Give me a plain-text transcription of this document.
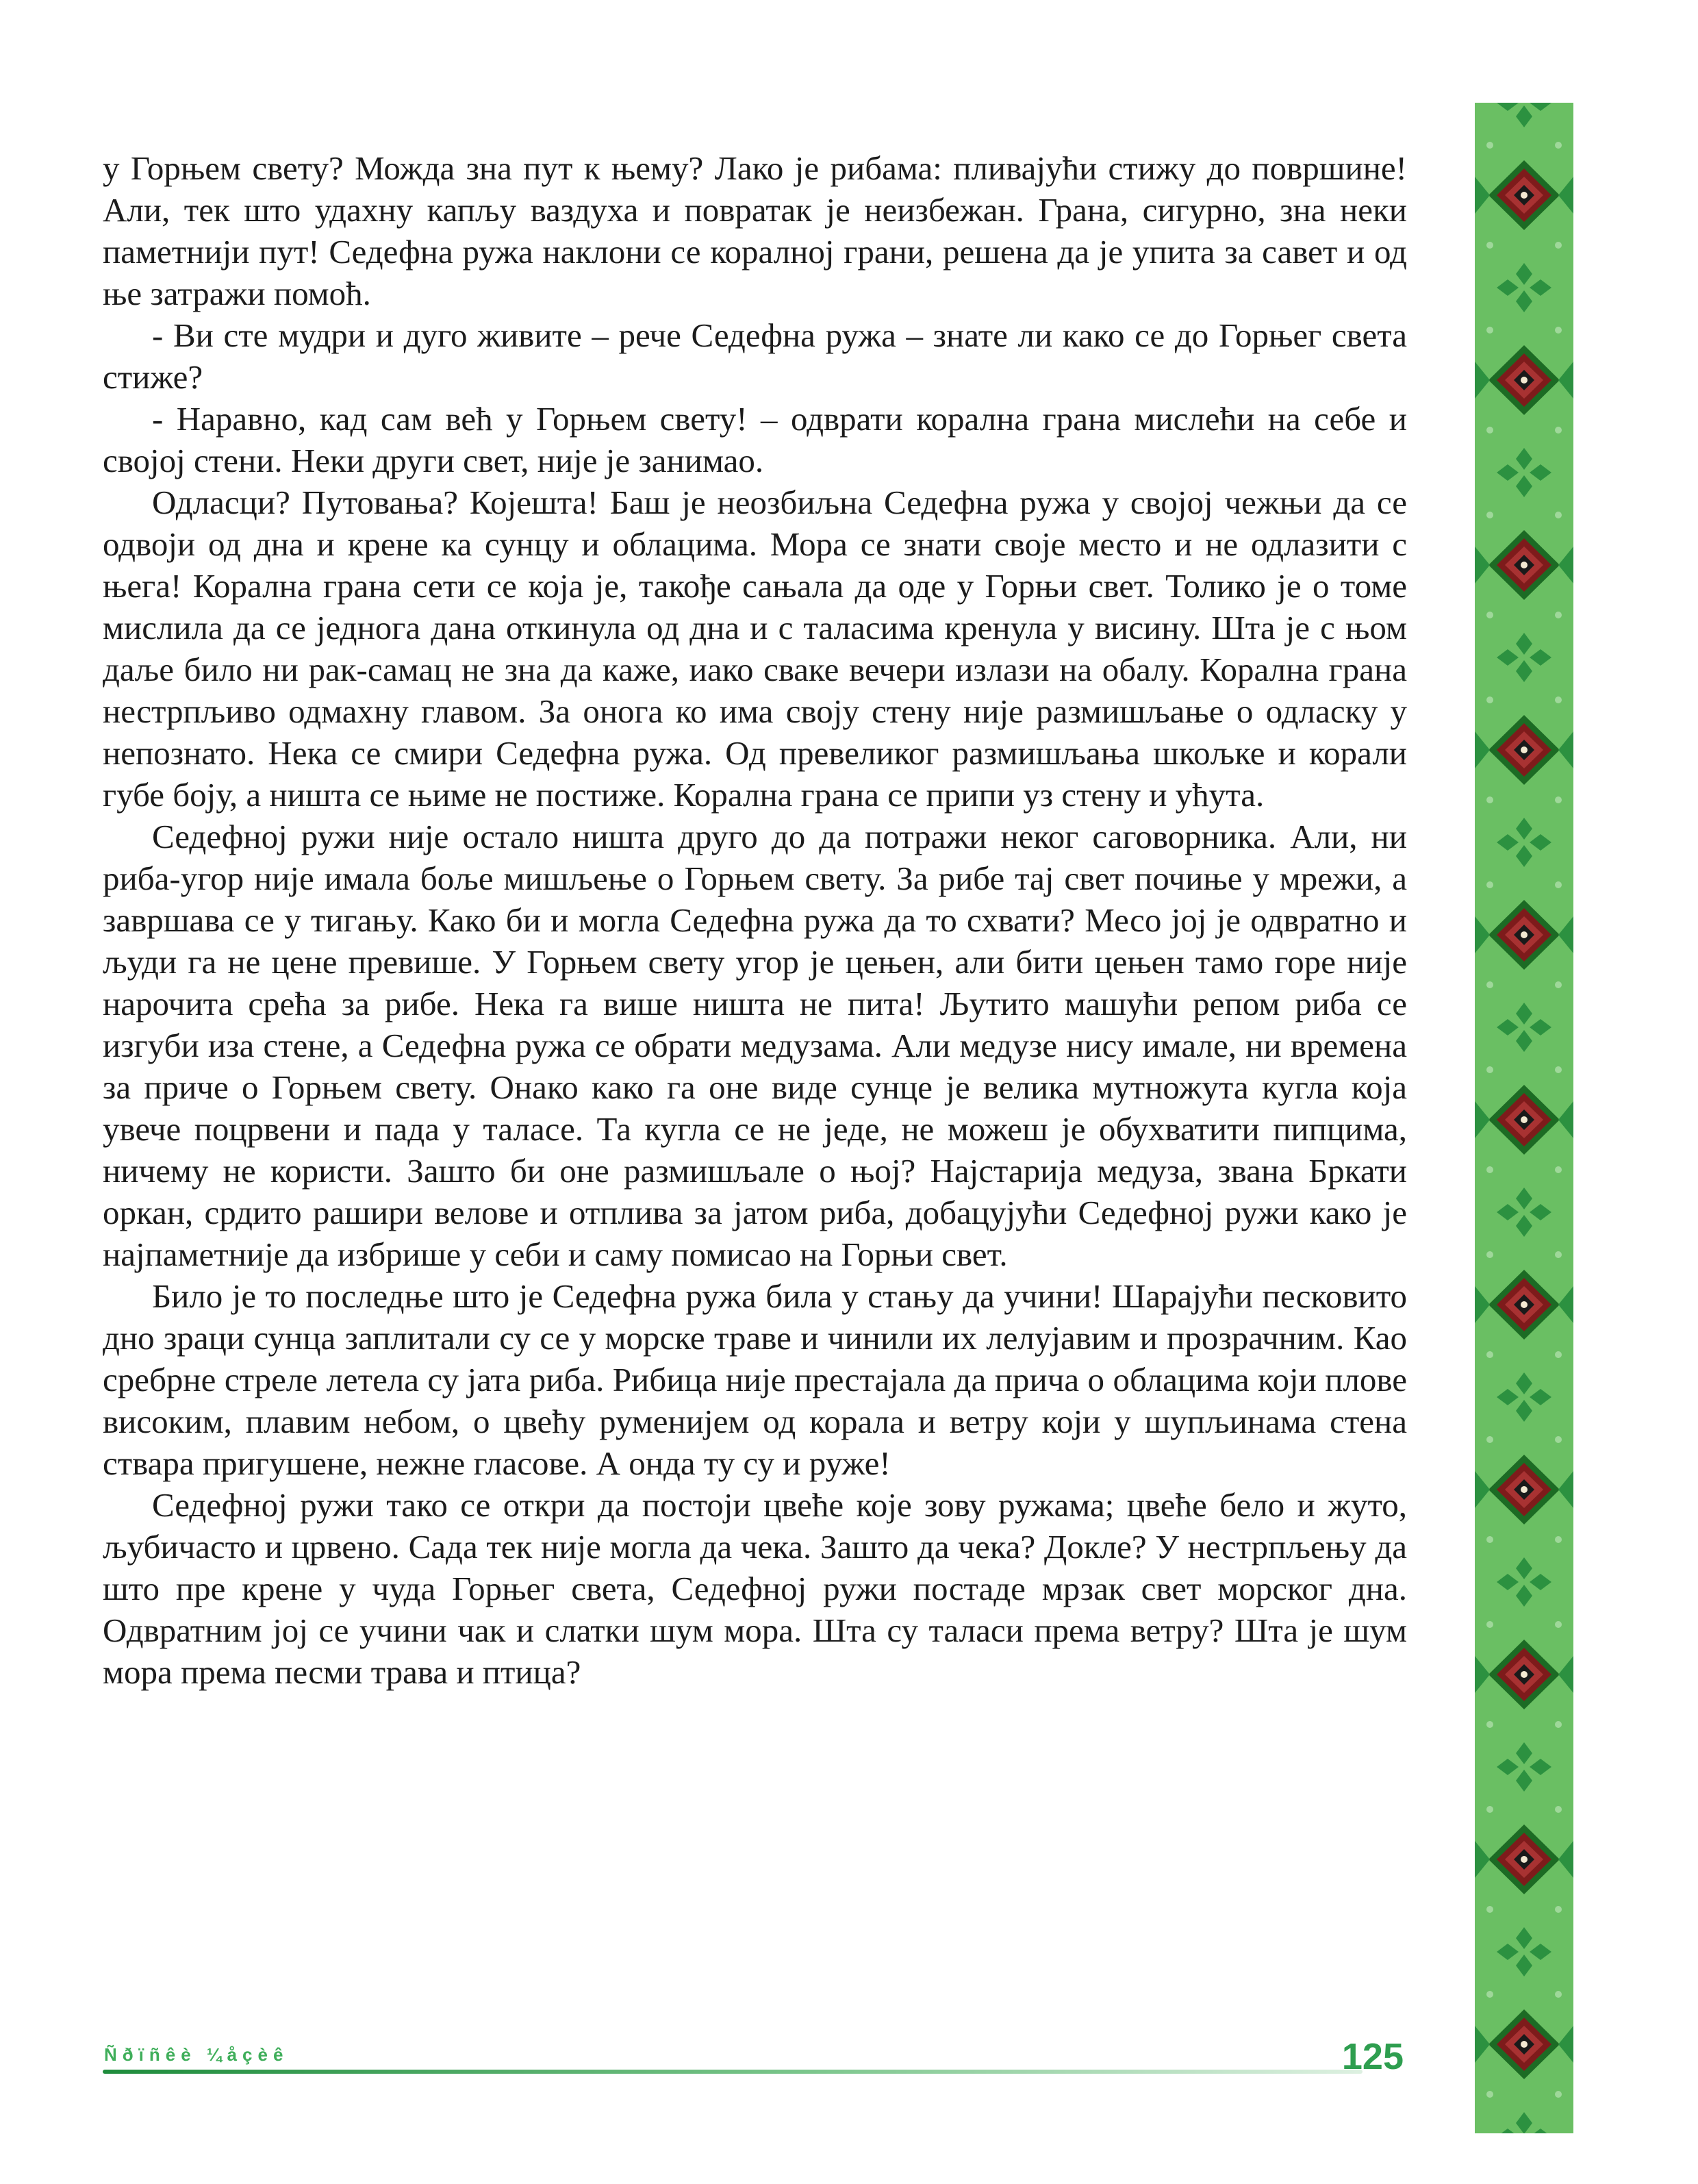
у Горњем свету? Можда зна пут к њему? Лако је рибама: пливајући стижу до површине! Али, тек што удахну капљу ваздуха и повратак је неизбежан. Грана, сигурно, зна неки паметнији пут! Седефна ружа наклони се коралној грани, решена да је упита за савет и од ње затражи помоћ.

- Ви сте мудри и дуго живите – рече Седефна ружа – знате ли како се до Горњег света стиже?

- Наравно, кад сам већ у Горњем свету! – одврати корална грана мислећи на себе и својој стени. Неки други свет, није је занимао.

Одласци? Путовања? Којешта! Баш је неозбиљна Седефна ружа у својој чежњи да се одвоји од дна и крене ка сунцу и облацима. Мора се знати своје место и не одлазити с њега! Корална грана сети се која је, такође сањала да оде у Горњи свет. Толико је о томе мислила да се једнога дана откинула од дна и с таласима кренула у висину. Шта је с њом даље било ни рак-самац не зна да каже, иако сваке вечери излази на обалу. Корална грана нестрпљиво одмахну главом. За онога ко има своју стену није размишљање о одласку у непознато. Нека се смири Седефна ружа. Од превеликог размишљања шкољке и корали губе боју, а ништа се њиме не постиже. Корална грана се припи уз стену и ућута.

Седефној ружи није остало ништа друго до да потражи неког саговорника. Али, ни риба-угор није имала боље мишљење о Горњем свету. За рибе тај свет почиње у мрежи, а завршава се у тигању. Како би и могла Седефна ружа да то схвати? Месо јој је одвратно и људи га не цене превише. У Горњем свету угор је цењен, али бити цењен тамо горе није нарочита срећа за рибе. Нека га више ништа не пита! Љутито машући репом риба се изгуби иза стене, а Седефна ружа се обрати медузама. Али медузе нису имале, ни времена за приче о Горњем свету. Онако како га оне виде сунце је велика мутножута кугла која увече поцрвени и пада у таласе. Та кугла се не једе, не можеш је обухватити пипцима, ничему не користи. Зашто би оне размишљале о њој? Најстарија медуза, звана Бркати оркан, срдито рашири велове и отплива за јатом риба, добацујући Седефној ружи како је најпаметније да избрише у себи и саму помисао на Горњи свет.

Било је то последње што је Седефна ружа била у стању да учини! Шарајући песковито дно зраци сунца заплитали су се у морске траве и чинили их лелујавим и прозрачним. Као сребрне стреле летела су јата риба. Рибица није престајала да прича о облацима који плове високим, плавим небом, о цвећу руменијем од корала и ветру који у шупљинама стена ствара пригушене, нежне гласове. А онда ту су и руже!

Седефној ружи тако се откри да постоји цвеће које зову ружама; цвеће бело и жуто, љубичасто и црвено. Сада тек није могла да чека. Зашто да чека? Докле? У нестрпљењу да што пре крене у чуда Горњег света, Седефној ружи постаде мрзак свет морског дна. Одвратним јој се учини чак и слатки шум мора. Шта су таласи према ветру? Шта је шум мора према песми трава и птица?

Ñðïñêè ¼åçèê	125
